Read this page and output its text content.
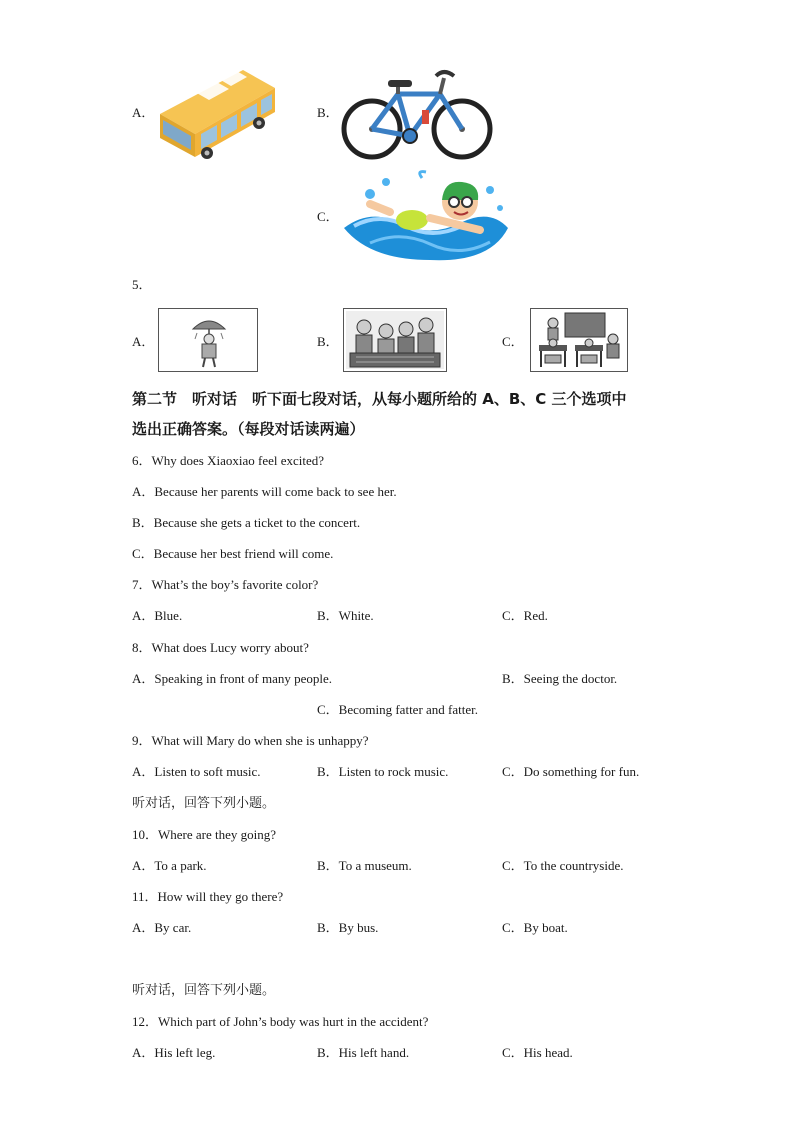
A．	B．
C．
5．
A．	B．	C．
第二节　听对话　听下面七段对话，从每小题所给的 A、B、C 三个选项中
选出正确答案。（每段对话读两遍）
6．Why does Xiaoxiao feel excited?
A．Because her parents will come back to see her.
B．Because she gets a ticket to the concert.
C．Because her best friend will come.
7．What’s the boy’s favorite color?
A．Blue.	B．White.	C．Red.
8．What does Lucy worry about?
A．Speaking in front of many people.	B．Seeing the doctor.
C．Becoming fatter and fatter.
9．What will Mary do when she is unhappy?
A．Listen to soft music.	B．Listen to rock music.	C．Do something for fun.
听对话，回答下列小题。
10．Where are they going?
A．To a park.	B．To a museum.	C．To the countryside.
11．How will they go there?
A．By car.	B．By bus.	C．By boat.
听对话，回答下列小题。
12．Which part of John’s body was hurt in the accident?
A．His left leg.	B．His left hand.	C．His head.
